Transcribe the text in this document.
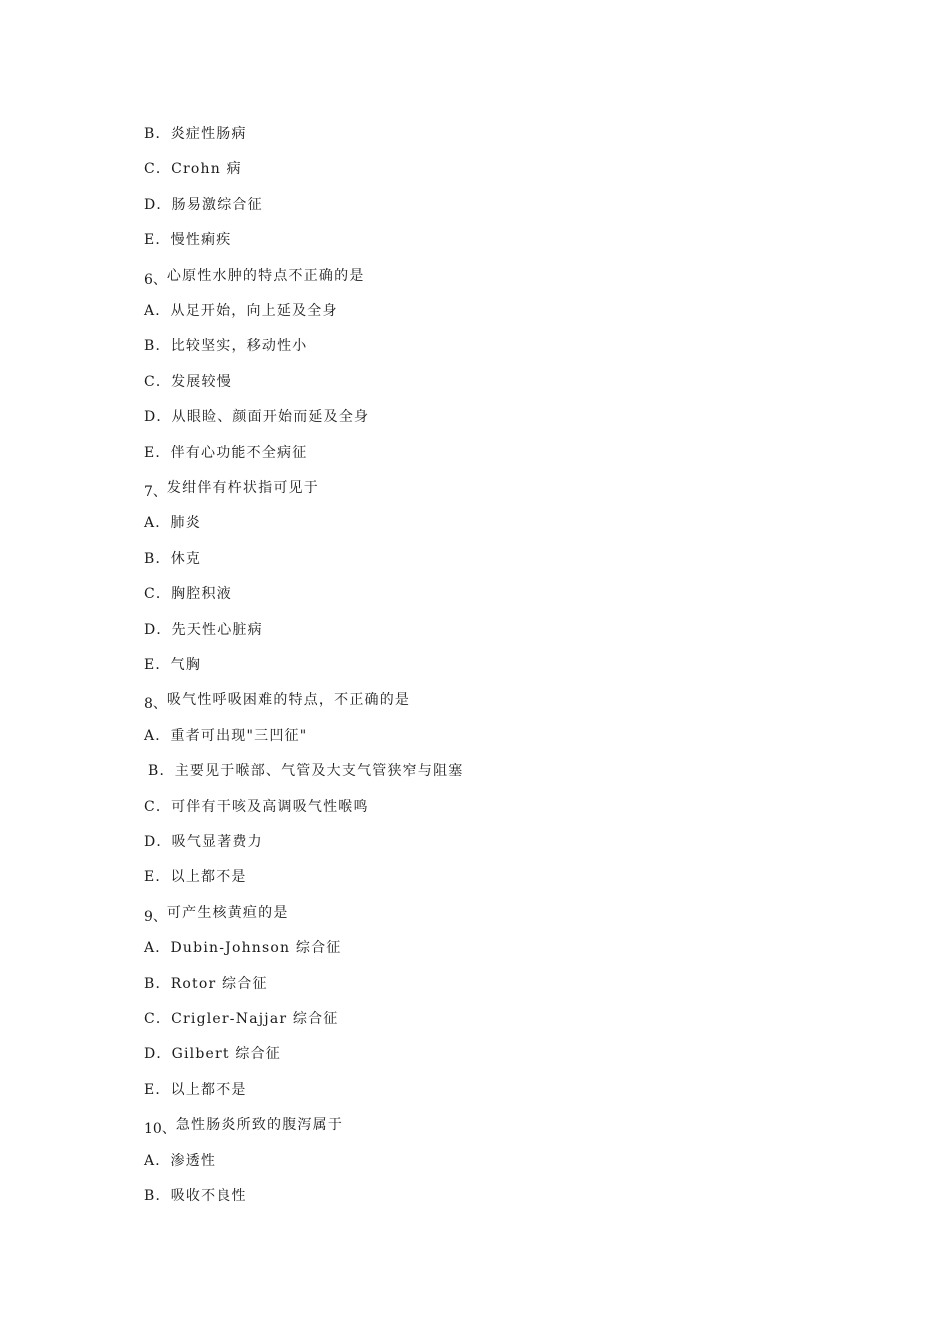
B．炎症性肠病
C．Crohn 病
D．肠易激综合征
E．慢性痢疾
6、心原性水肿的特点不正确的是
A．从足开始，向上延及全身
B．比较坚实，移动性小
C．发展较慢
D．从眼睑、颜面开始而延及全身
E．伴有心功能不全病征
7、发绀伴有杵状指可见于
A．肺炎
B．休克
C．胸腔积液
D．先天性心脏病
E．气胸
8、吸气性呼吸困难的特点，不正确的是
A．重者可出现"三凹征"
B．主要见于喉部、气管及大支气管狭窄与阻塞
C．可伴有干咳及高调吸气性喉鸣
D．吸气显著费力
E．以上都不是
9、可产生核黄疸的是
A．Dubin-Johnson 综合征
B．Rotor 综合征
C．Crigler-Najjar 综合征
D．Gilbert 综合征
E．以上都不是
10、急性肠炎所致的腹泻属于
A．渗透性
B．吸收不良性
